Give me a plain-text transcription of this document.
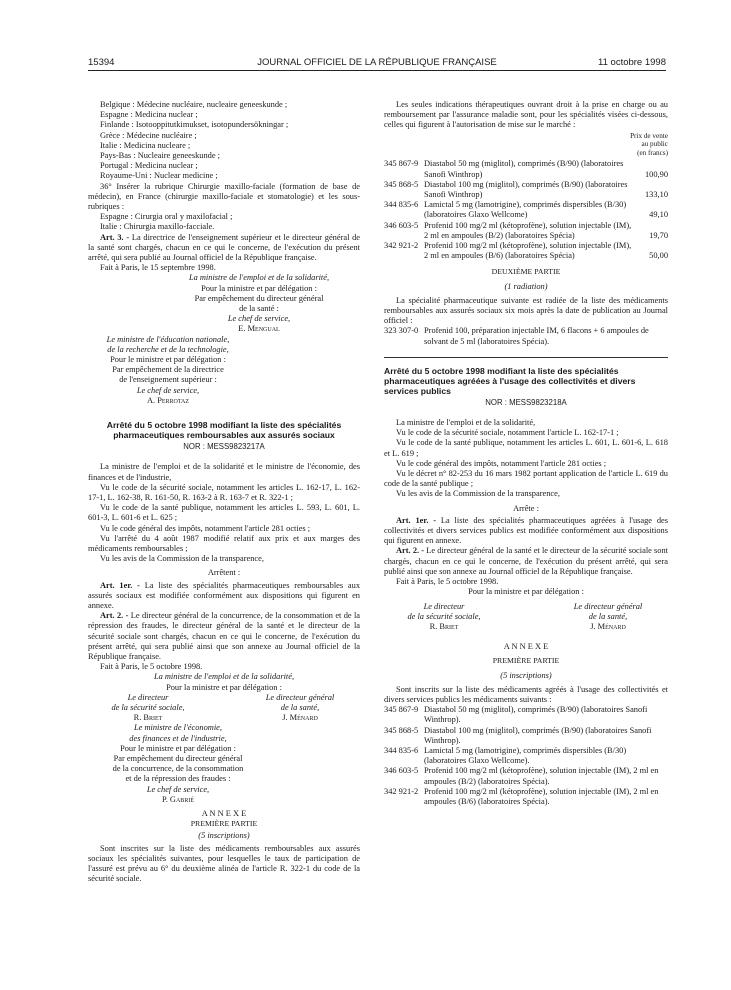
15394	JOURNAL OFFICIEL DE LA RÉPUBLIQUE FRANÇAISE	11 octobre 1998

Belgique : Médecine nucléaire, nucleaire geneeskunde ;

Espagne : Medicina nuclear ;

Finlande : Isotooppitutkimukset, isotopundersökningar ;

Grèce : Médecine nucléaire ;

Italie : Medicina nucleare ;

Pays-Bas : Nucleaire geneeskunde ;

Portugal : Medicina nuclear ;

Royaume-Uni : Nuclear medicine ;

36° Insérer la rubrique Chirurgie maxillo-faciale (formation de base de médecin), en France (chirurgie maxillo-faciale et stomatologie) et les sous-rubriques :

Espagne : Cirurgia oral y maxilofacial ;

Italie : Chirurgia maxillo-facciale.

Art. 3. - La directrice de l'enseignement supérieur et le directeur général de la santé sont chargés, chacun en ce qui le concerne, de l'exécution du présent arrêté, qui sera publié au Journal officiel de la République française.

Fait à Paris, le 15 septembre 1998.

La ministre de l'emploi et de la solidarité,

Pour la ministre et par délégation :

Par empêchement du directeur général

de la santé :

Le chef de service,

E. Mengual

Le ministre de l'éducation nationale,

de la recherche et de la technologie,

Pour le ministre et par délégation :

Par empêchement de la directrice

de l'enseignement supérieur :

Le chef de service,

A. Perrotaz

Arrêté du 5 octobre 1998 modifiant la liste des spécialités pharmaceutiques remboursables aux assurés sociaux

NOR : MESS9823217A

La ministre de l'emploi et de la solidarité et le ministre de l'économie, des finances et de l'industrie,

Vu le code de la sécurité sociale, notamment les articles L. 162-17, L. 162-17-1, L. 162-38, R. 161-50, R. 163-2 à R. 163-7 et R. 322-1 ;

Vu le code de la santé publique, notamment les articles L. 593, L. 601, L. 601-3, L. 601-6 et L. 625 ;

Vu le code général des impôts, notamment l'article 281 octies ;

Vu l'arrêté du 4 août 1987 modifié relatif aux prix et aux marges des médicaments remboursables ;

Vu les avis de la Commission de la transparence,

Arrêtent :

Art. 1er. - La liste des spécialités pharmaceutiques remboursables aux assurés sociaux est modifiée conformément aux dispositions qui figurent en annexe.

Art. 2. - Le directeur général de la concurrence, de la consommation et de la répression des fraudes, le directeur général de la santé et le directeur de la sécurité sociale sont chargés, chacun en ce qui le concerne, de l'exécution du présent arrêté, qui sera publié ainsi que son annexe au Journal officiel de la République française.

Fait à Paris, le 5 octobre 1998.

La ministre de l'emploi et de la solidarité,

Pour la ministre et par délégation :

Le directeur

de la sécurité sociale,

R. Briet

Le directeur général

de la santé,

J. Ménard

Le ministre de l'économie,

des finances et de l'industrie,

Pour le ministre et par délégation :

Par empêchement du directeur général

de la concurrence, de la consommation

et de la répression des fraudes :

Le chef de service,

P. Gabrié

A N N E X E

PREMIÈRE PARTIE

(5 inscriptions)

Sont inscrites sur la liste des médicaments remboursables aux assurés sociaux les spécialités suivantes, pour lesquelles le taux de participation de l'assuré est prévu au 6° du deuxième alinéa de l'article R. 322-1 du code de la sécurité sociale.

Les seules indications thérapeutiques ouvrant droit à la prise en charge ou au remboursement par l'assurance maladie sont, pour les spécialités visées ci-dessous, celles qui figurent à l'autorisation de mise sur le marché :

Prix de vente

au public

(en francs)

345 867-9 Diastabol 50 mg (miglitol), comprimés (B/90) (laboratoires Sanofi Winthrop)	100,90
345 868-5 Diastabol 100 mg (miglitol), comprimés (B/90) (laboratoires Sanofi Winthrop)	133,10
344 835-6 Lamictal 5 mg (lamotrigine), comprimés dispersibles (B/30) (laboratoires Glaxo Wellcome)	49,10
346 603-5 Profenid 100 mg/2 ml (kétoprofène), solution injectable (IM), 2 ml en ampoules (B/2) (laboratoires Spécia)	19,70
342 921-2 Profenid 100 mg/2 ml (kétoprofène), solution injectable (IM), 2 ml en ampoules (B/6) (laboratoires Spécia)	50,00

DEUXIÈME PARTIE

(1 radiation)

La spécialité pharmaceutique suivante est radiée de la liste des médicaments remboursables aux assurés sociaux six mois après la date de publication au Journal officiel :

323 307-0 Profenid 100, préparation injectable IM, 6 flacons + 6 ampoules de solvant de 5 ml (laboratoires Spécia).

Arrêté du 5 octobre 1998 modifiant la liste des spécialités pharmaceutiques agréées à l'usage des collectivités et divers services publics

NOR : MESS9823218A

La ministre de l'emploi et de la solidarité,

Vu le code de la sécurité sociale, notamment l'article L. 162-17-1 ;

Vu le code de la santé publique, notamment les articles L. 601, L. 601-6, L. 618 et L. 619 ;

Vu le code général des impôts, notamment l'article 281 octies ;

Vu le décret n° 82-253 du 16 mars 1982 portant application de l'article L. 619 du code de la santé publique ;

Vu les avis de la Commission de la transparence,

Arrête :

Art. 1er. - La liste des spécialités pharmaceutiques agréées à l'usage des collectivités et divers services publics est modifiée conformément aux dispositions qui figurent en annexe.

Art. 2. - Le directeur général de la santé et le directeur de la sécurité sociale sont chargés, chacun en ce qui le concerne, de l'exécution du présent arrêté, qui sera publié ainsi que son annexe au Journal officiel de la République française.

Fait à Paris, le 5 octobre 1998.

Pour la ministre et par délégation :

Le directeur

de la sécurité sociale,

R. Briet

Le directeur général

de la santé,

J. Ménard

A N N E X E

PREMIÈRE PARTIE

(5 inscriptions)

Sont inscrits sur la liste des médicaments agréés à l'usage des collectivités et divers services publics les médicaments suivants :

345 867-9 Diastabol 50 mg (miglitol), comprimés (B/90) (laboratoires Sanofi Winthrop).
345 868-5 Diastabol 100 mg (miglitol), comprimés (B/90) (laboratoires Sanofi Winthrop).
344 835-6 Lamictal 5 mg (lamotrigine), comprimés dispersibles (B/30) (laboratoires Glaxo Wellcome).
346 603-5 Profenid 100 mg/2 ml (kétoprofène), solution injectable (IM), 2 ml en ampoules (B/2) (laboratoires Spécia).
342 921-2 Profenid 100 mg/2 ml (kétoprofène), solution injectable (IM), 2 ml en ampoules (B/6) (laboratoires Spécia).
